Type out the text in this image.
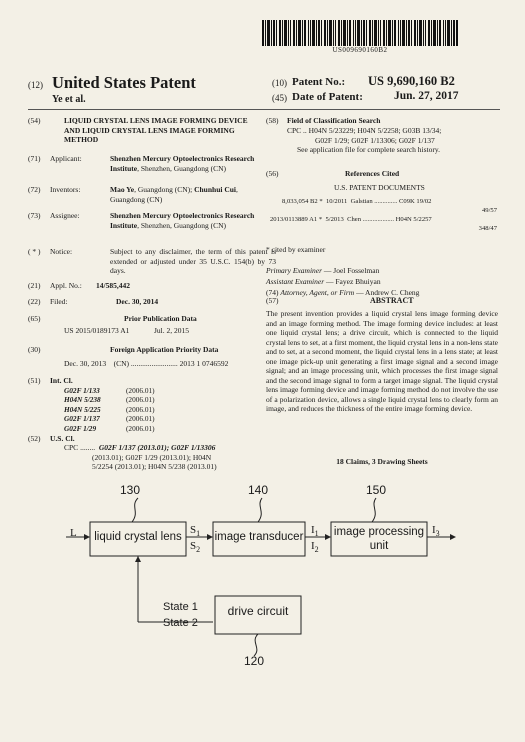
US009690160B2
(12) United States Patent
Ye et al.
(10) Patent No.: US 9,690,160 B2
(45) Date of Patent:	Jun. 27, 2017
(54)	LIQUID CRYSTAL LENS IMAGE FORMING DEVICE AND LIQUID CRYSTAL LENS IMAGE FORMING METHOD
(71) Applicant:	Shenzhen Mercury Optoelectronics Research Institute, Shenzhen, Guangdong (CN)
(72) Inventors:	Mao Ye, Guangdong (CN); Chunhui Cui, Guangdong (CN)
(73) Assignee:	Shenzhen Mercury Optoelectronics Research Institute, Shenzhen, Guangdong (CN)
( * ) Notice:	Subject to any disclaimer, the term of this patent is extended or adjusted under 35 U.S.C. 154(b) by 73 days.
(21) Appl. No.: 14/585,442
(22) Filed:	Dec. 30, 2014
(65)	Prior Publication Data
US 2015/0189173 A1	Jul. 2, 2015
(30)	Foreign Application Priority Data
Dec. 30, 2013 (CN) ......................... 2013 1 0746592
(51) Int. Cl.
G02F 1/133	(2006.01)
H04N 5/238	(2006.01)
H04N 5/225	(2006.01)
G02F 1/137	(2006.01)
G02F 1/29	(2006.01)
(52) U.S. Cl.
CPC ........ G02F 1/137 (2013.01); G02F 1/13306
(2013.01); G02F 1/29 (2013.01); H04N
5/2254 (2013.01); H04N 5/238 (2013.01)
(58) Field of Classification Search
CPC .. H04N 5/23229; H04N 5/2258; G03B 13/34;
G02F 1/29; G02F 1/13306; G02F 1/137
See application file for complete search history.
(56)	References Cited
U.S. PATENT DOCUMENTS
8,033,054 B2 * 10/2011 Galstian .............. C09K 19/02
49/57
2013/0113889 A1 * 5/2013 Chen ................... H04N 5/2257
348/47
* cited by examiner
Primary Examiner — Joel Fosselman
Assistant Examiner — Fayez Bhuiyan
(74) Attorney, Agent, or Firm — Andrew C. Cheng
(57)	ABSTRACT
The present invention provides a liquid crystal lens image forming device and an image forming method. The image forming device includes: at least one liquid crystal lens; a drive circuit, which is connected to the liquid crystal lens to set, at a first moment, the liquid crystal lens in a non-lens state and to set, at a second moment, the liquid crystal lens in a lens state; at least one image pick-up unit generating a first image signal and a second image signal; and an image processing unit, which processes the first image signal and the second image signal to form a target image signal. The liquid crystal lens image forming device and image forming method do not involve the use of a polarization device, allows a single liquid crystal lens to clearly form an image, and reduces the thickness of the entire image forming device.
18 Claims, 3 Drawing Sheets
130	140	150
120
L	liquid crystal lens	image transducer	image processing
unit
drive circuit
$S_1$
$S_2$
$I_1$
$I_2$
$I_3$
State 1
State 2
